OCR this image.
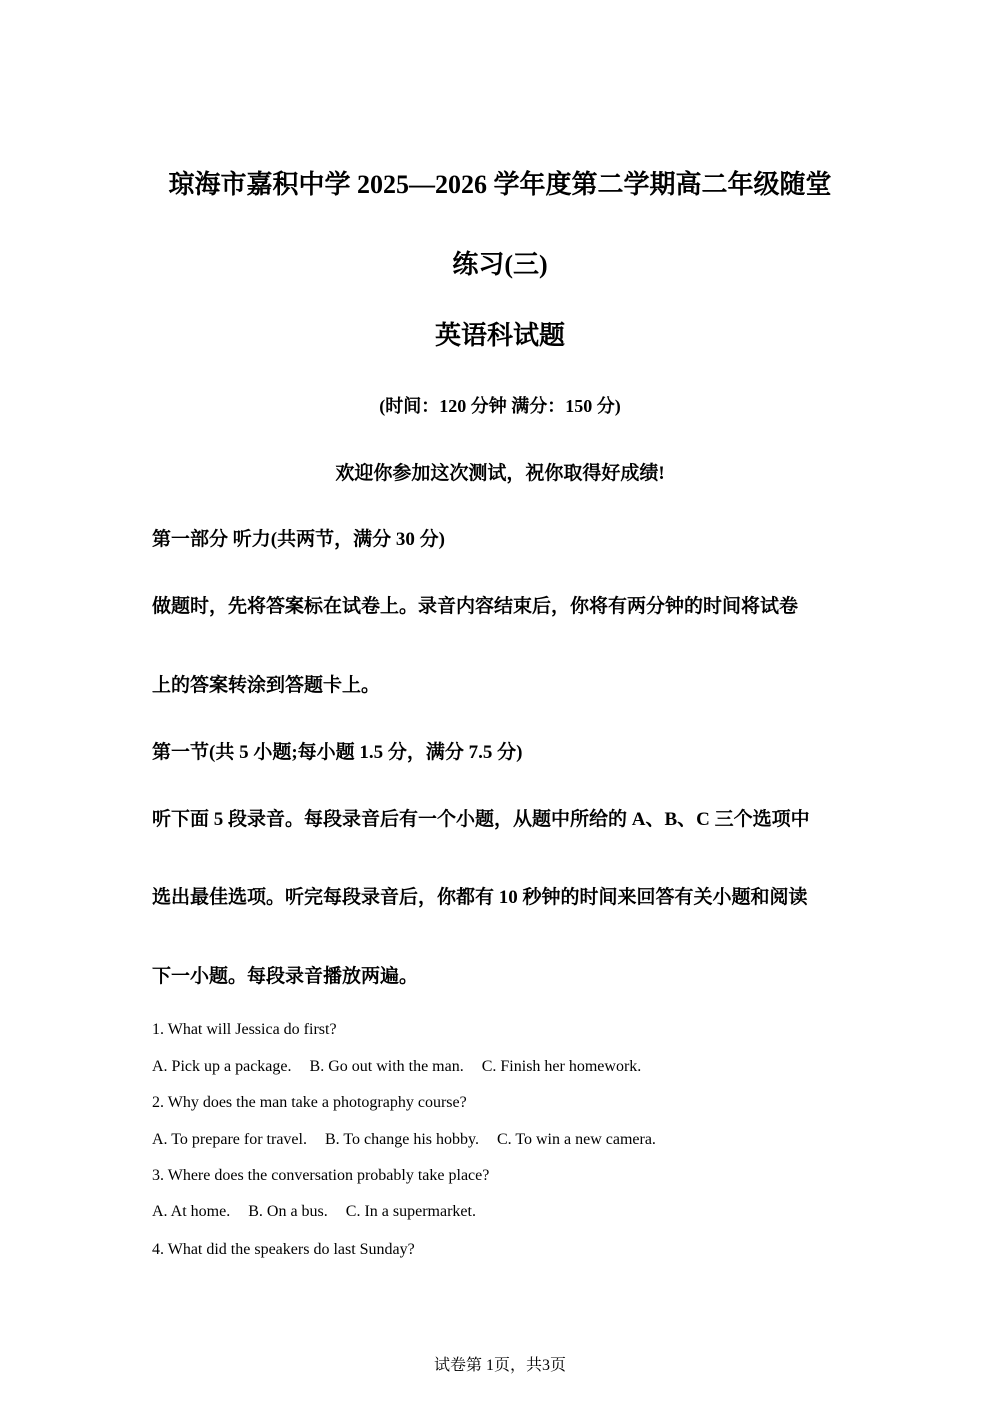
琼海市嘉积中学 2025—2026 学年度第二学期高二年级随堂
练习(三)
英语科试题
(时间：120 分钟 满分：150 分)
欢迎你参加这次测试，祝你取得好成绩!
第一部分 听力(共两节，满分 30 分)
做题时，先将答案标在试卷上。录音内容结束后，你将有两分钟的时间将试卷
上的答案转涂到答题卡上。
第一节(共 5 小题;每小题 1.5 分，满分 7.5 分)
听下面 5 段录音。每段录音后有一个小题，从题中所给的 A、B、C 三个选项中
选出最佳选项。听完每段录音后，你都有 10 秒钟的时间来回答有关小题和阅读
下一小题。每段录音播放两遍。
1. What will Jessica do first?
A. Pick up a package. B. Go out with the man. C. Finish her homework.
2. Why does the man take a photography course?
A. To prepare for travel. B. To change his hobby. C. To win a new camera.
3. Where does the conversation probably take place?
A. At home. B. On a bus. C. In a supermarket.
4. What did the speakers do last Sunday?
试卷第 1页，共3页
